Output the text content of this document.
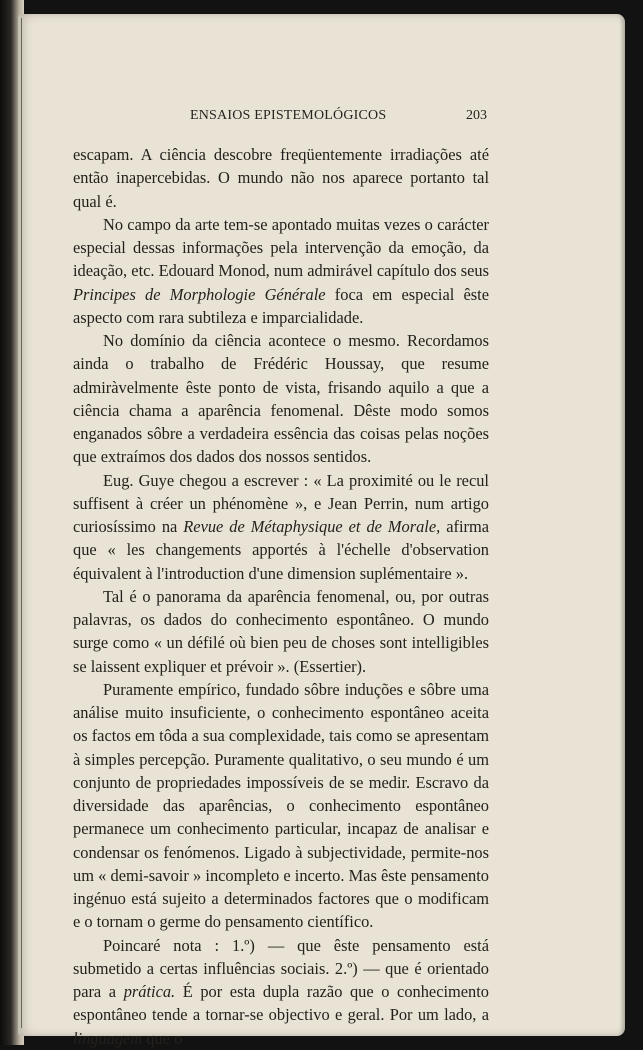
ENSAIOS EPISTEMOLÓGICOS	203

escapam. A ciência descobre freqüentemente irradiações até então inapercebidas. O mundo não nos aparece portanto tal qual é.

No campo da arte tem-se apontado muitas vezes o carácter especial dessas informações pela intervenção da emoção, da ideação, etc. Edouard Monod, num admirável capítulo dos seus Principes de Morphologie Générale foca em especial êste aspecto com rara subtileza e imparcialidade.

No domínio da ciência acontece o mesmo. Recordamos ainda o trabalho de Frédéric Houssay, que resume admiràvelmente êste ponto de vista, frisando aquilo a que a ciência chama a aparência fenomenal. Dêste modo somos enganados sôbre a verdadeira essência das coisas pelas noções que extraímos dos dados dos nossos sentidos.

Eug. Guye chegou a escrever : « La proximité ou le recul suffisent à créer un phénomène », e Jean Perrin, num artigo curiosíssimo na Revue de Métaphysique et de Morale, afirma que « les changements apportés à l'échelle d'observation équivalent à l'introduction d'une dimension suplémentaire ».

Tal é o panorama da aparência fenomenal, ou, por outras palavras, os dados do conhecimento espontâneo. O mundo surge como « un défilé où bien peu de choses sont intelligibles se laissent expliquer et prévoir ». (Essertier).

Puramente empírico, fundado sôbre induções e sôbre uma análise muito insuficiente, o conhecimento espontâneo aceita os factos em tôda a sua complexidade, tais como se apresentam à simples percepção. Puramente qualitativo, o seu mundo é um conjunto de propriedades impossíveis de se medir. Escravo da diversidade das aparências, o conhecimento espontâneo permanece um conhecimento particular, incapaz de analisar e condensar os fenómenos. Ligado à subjectividade, permite-nos um « demi-savoir » incompleto e incerto. Mas êste pensamento ingénuo está sujeito a determinados factores que o modificam e o tornam o germe do pensamento científico.

Poincaré nota : 1.º) — que êste pensamento está submetido a certas influências sociais. 2.º) — que é orientado para a prática. É por esta dupla razão que o conhecimento espontâneo tende a tornar-se objectivo e geral. Por um lado, a linguagem que o
